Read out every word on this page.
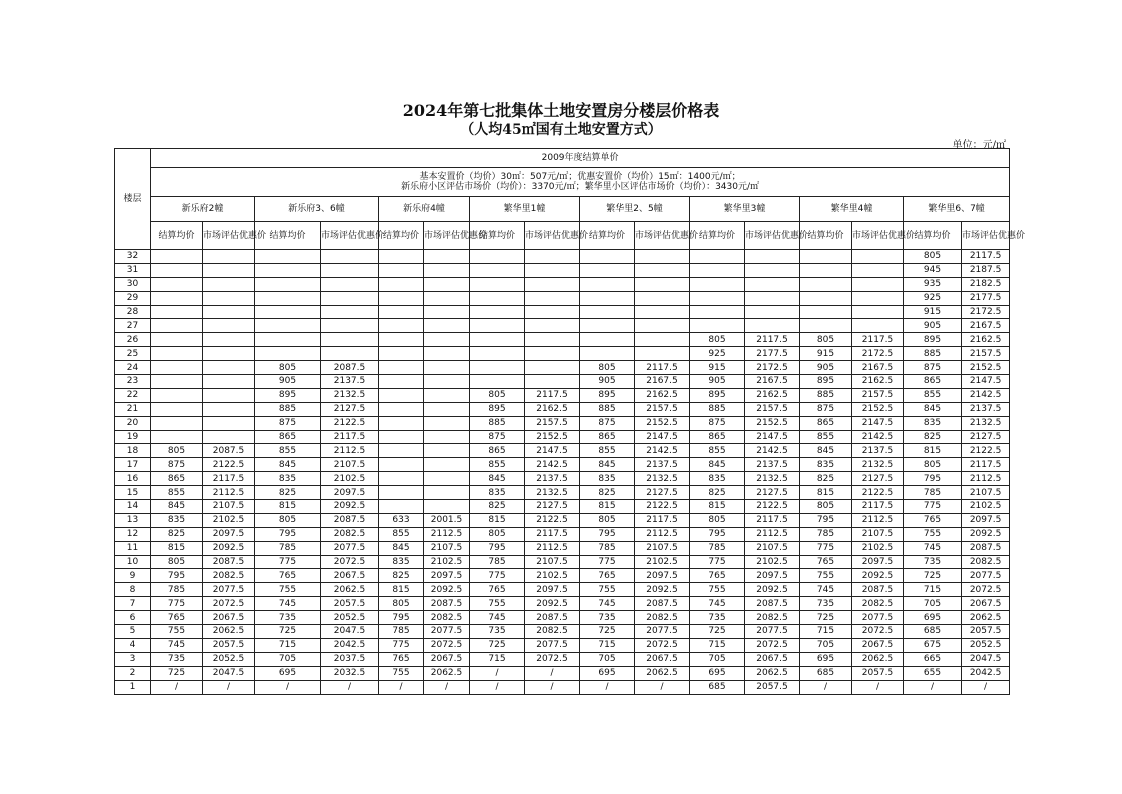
2024年第七批集体土地安置房分楼层价格表
（人均45㎡国有土地安置方式）
单位：元/㎡
楼层	2009年度结算单价															

	基本安置价（均价）30㎡：507元/㎡；优惠安置价（均价）15㎡：1400元/㎡；
新乐府小区评估市场价（均价）：3370元/㎡；繁华里小区评估市场价（均价）：3430元/㎡															

	新乐府2幢		新乐府3、6幢		新乐府4幢		繁华里1幢		繁华里2、5幢		繁华里3幢		繁华里4幢		繁华里6、7幢	
	结算均价	市场评估优惠价	结算均价	市场评估优惠价	结算均价	市场评估优惠价	结算均价	市场评估优惠价	结算均价	市场评估优惠价	结算均价	市场评估优惠价	结算均价	市场评估优惠价	结算均价	市场评估优惠价
32															805	2117.5
31															945	2187.5
30															935	2182.5
29															925	2177.5
28															915	2172.5
27															905	2167.5
26											805	2117.5	805	2117.5	895	2162.5
25											925	2177.5	915	2172.5	885	2157.5
24			805	2087.5					805	2117.5	915	2172.5	905	2167.5	875	2152.5
23			905	2137.5					905	2167.5	905	2167.5	895	2162.5	865	2147.5
22			895	2132.5			805	2117.5	895	2162.5	895	2162.5	885	2157.5	855	2142.5
21			885	2127.5			895	2162.5	885	2157.5	885	2157.5	875	2152.5	845	2137.5
20			875	2122.5			885	2157.5	875	2152.5	875	2152.5	865	2147.5	835	2132.5
19			865	2117.5			875	2152.5	865	2147.5	865	2147.5	855	2142.5	825	2127.5
18	805	2087.5	855	2112.5			865	2147.5	855	2142.5	855	2142.5	845	2137.5	815	2122.5
17	875	2122.5	845	2107.5			855	2142.5	845	2137.5	845	2137.5	835	2132.5	805	2117.5
16	865	2117.5	835	2102.5			845	2137.5	835	2132.5	835	2132.5	825	2127.5	795	2112.5
15	855	2112.5	825	2097.5			835	2132.5	825	2127.5	825	2127.5	815	2122.5	785	2107.5
14	845	2107.5	815	2092.5			825	2127.5	815	2122.5	815	2122.5	805	2117.5	775	2102.5
13	835	2102.5	805	2087.5	633	2001.5	815	2122.5	805	2117.5	805	2117.5	795	2112.5	765	2097.5
12	825	2097.5	795	2082.5	855	2112.5	805	2117.5	795	2112.5	795	2112.5	785	2107.5	755	2092.5
11	815	2092.5	785	2077.5	845	2107.5	795	2112.5	785	2107.5	785	2107.5	775	2102.5	745	2087.5
10	805	2087.5	775	2072.5	835	2102.5	785	2107.5	775	2102.5	775	2102.5	765	2097.5	735	2082.5
9	795	2082.5	765	2067.5	825	2097.5	775	2102.5	765	2097.5	765	2097.5	755	2092.5	725	2077.5
8	785	2077.5	755	2062.5	815	2092.5	765	2097.5	755	2092.5	755	2092.5	745	2087.5	715	2072.5
7	775	2072.5	745	2057.5	805	2087.5	755	2092.5	745	2087.5	745	2087.5	735	2082.5	705	2067.5
6	765	2067.5	735	2052.5	795	2082.5	745	2087.5	735	2082.5	735	2082.5	725	2077.5	695	2062.5
5	755	2062.5	725	2047.5	785	2077.5	735	2082.5	725	2077.5	725	2077.5	715	2072.5	685	2057.5
4	745	2057.5	715	2042.5	775	2072.5	725	2077.5	715	2072.5	715	2072.5	705	2067.5	675	2052.5
3	735	2052.5	705	2037.5	765	2067.5	715	2072.5	705	2067.5	705	2067.5	695	2062.5	665	2047.5
2	725	2047.5	695	2032.5	755	2062.5	/	/	695	2062.5	695	2062.5	685	2057.5	655	2042.5
1	/	/	/	/	/	/	/	/	/	/	685	2057.5	/	/	/	/
